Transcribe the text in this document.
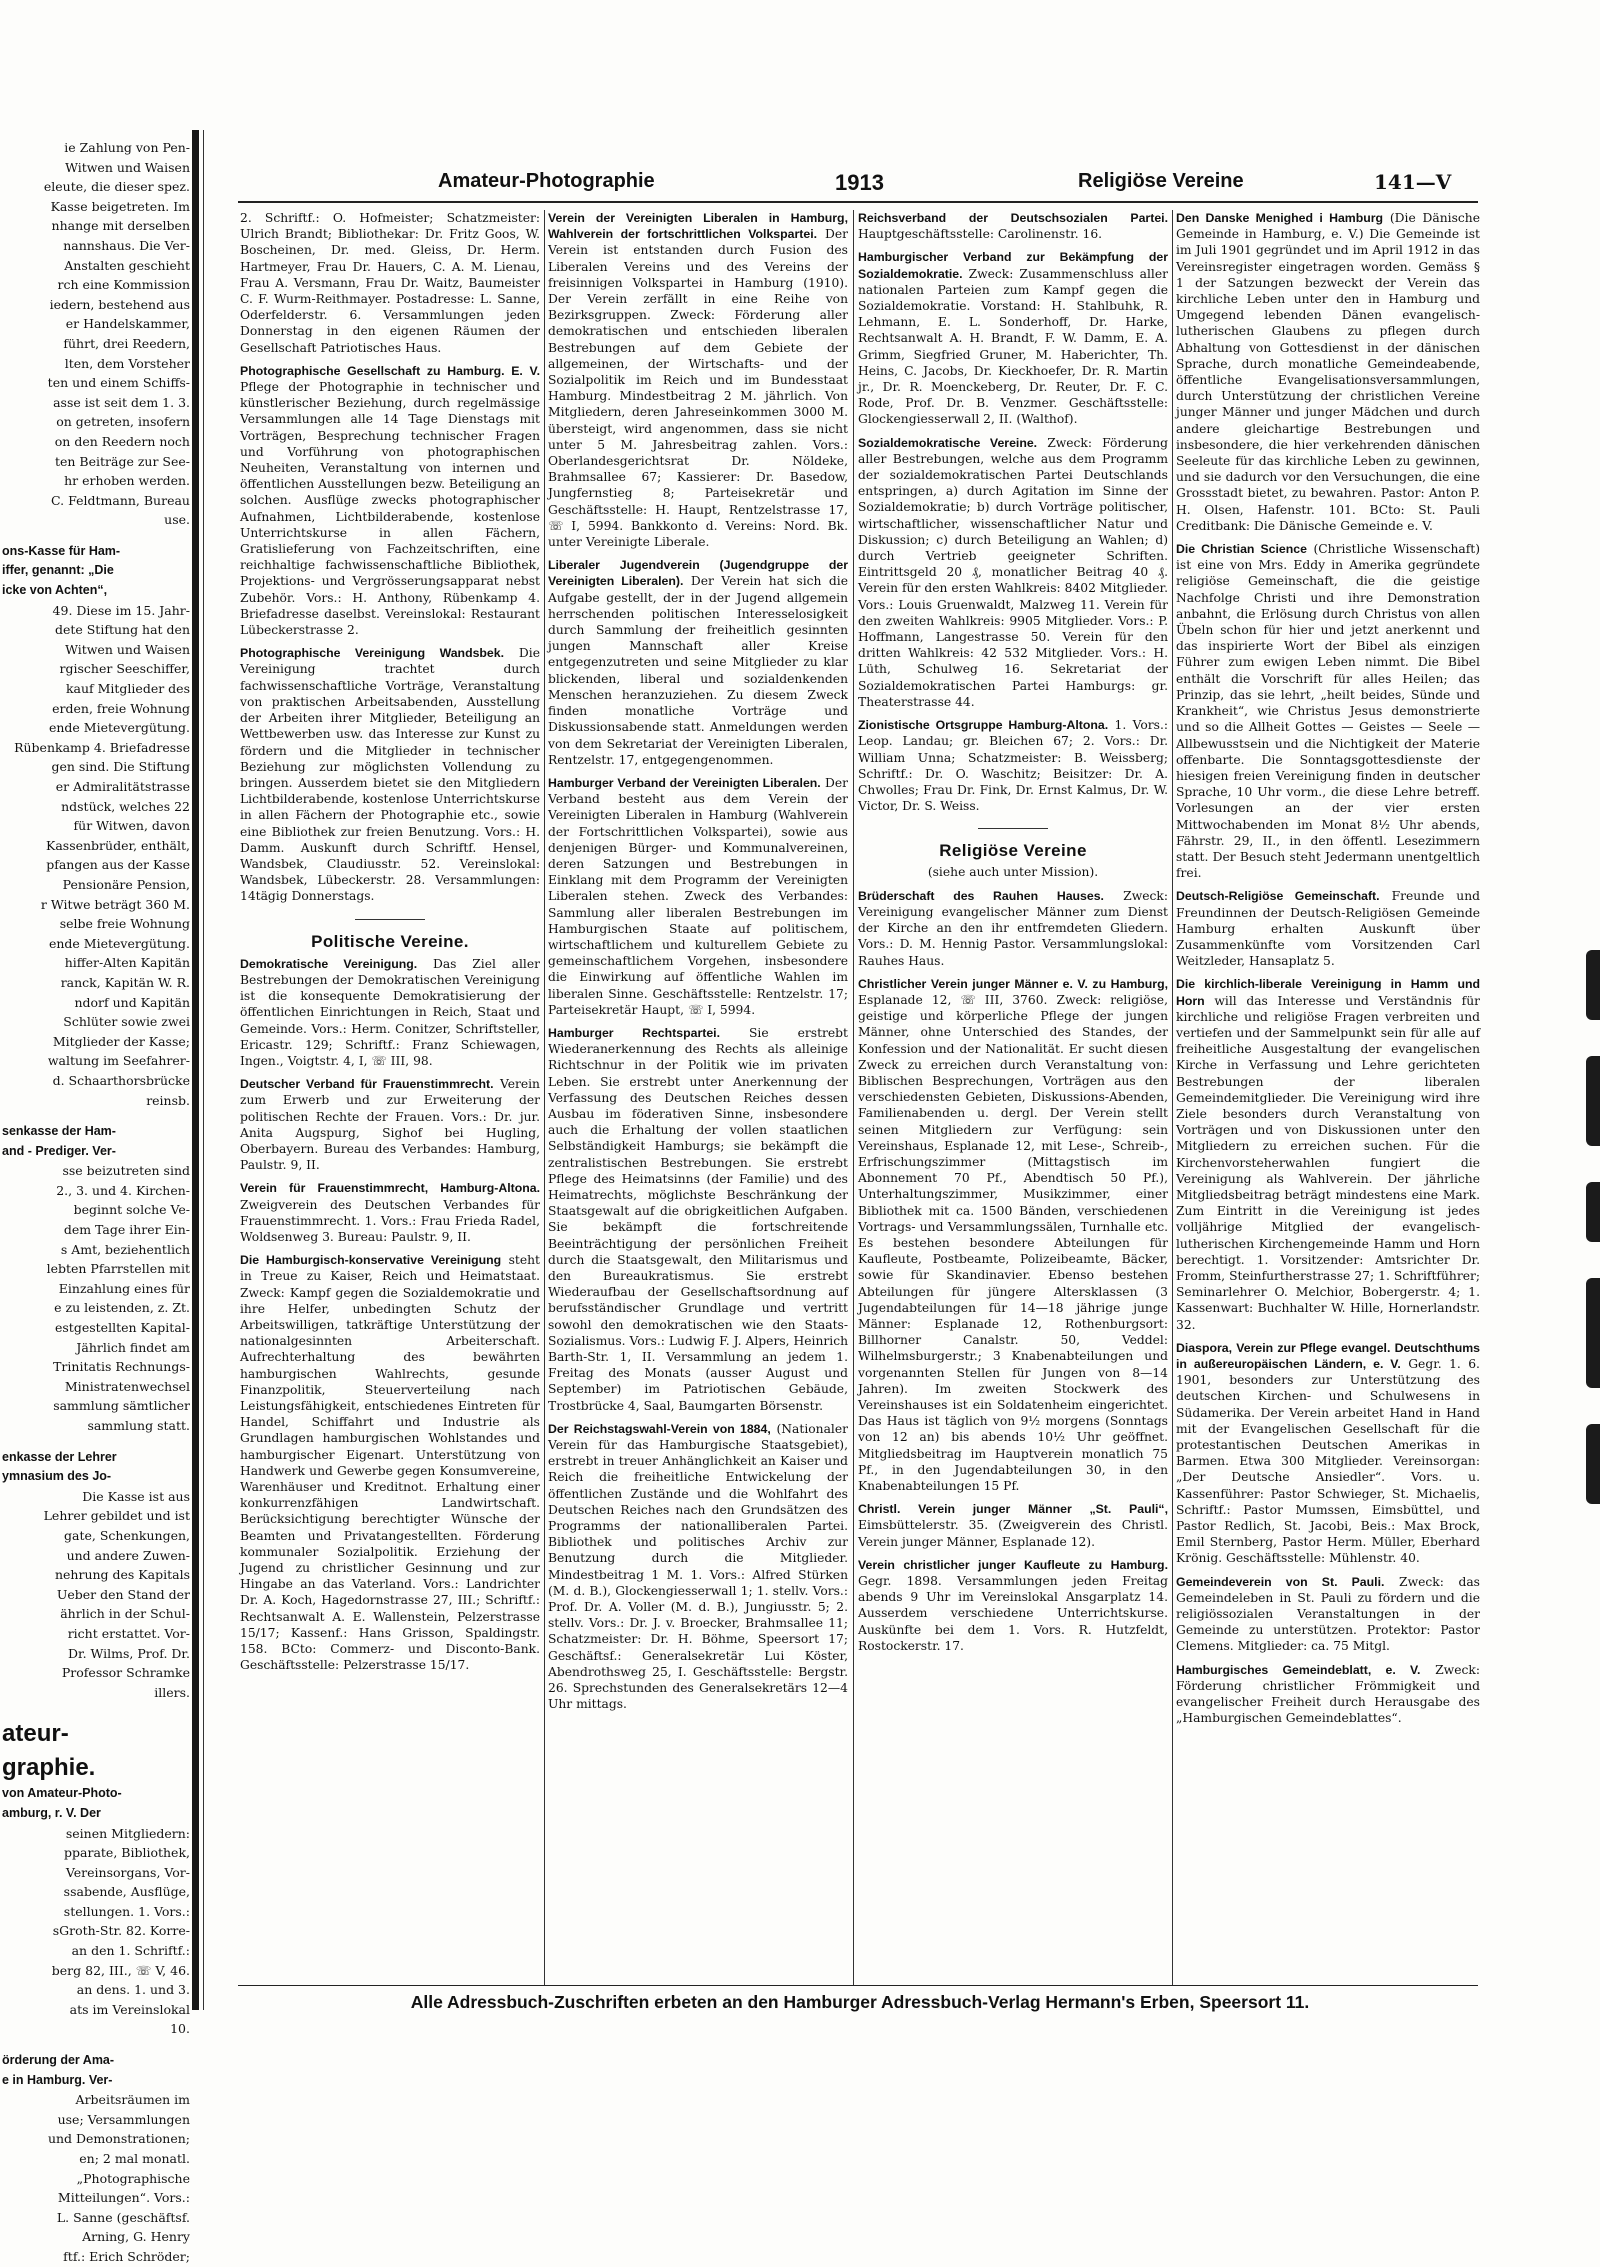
ie Zahlung von Pen-
Witwen und Waisen
eleute, die dieser spez.
Kasse beigetreten. Im
nhange mit derselben
nannshaus. Die Ver-
Anstalten geschieht
rch eine Kommission
iedern, bestehend aus
er Handelskammer,
führt, drei Reedern,
lten, dem Vorsteher
ten und einem Schiffs-
asse ist seit dem 1. 3.
on getreten, insofern
on den Reedern noch
ten Beiträge zur See-
hr erhoben werden.
C. Feldtmann, Bureau
use.
ons-Kasse für Ham-
iffer, genannt: „Die
icke von Achten“,
49. Diese im 15. Jahr-
dete Stiftung hat den
Witwen und Waisen
rgischer Seeschiffer,
kauf Mitglieder des
erden, freie Wohnung
ende Mietevergütung.
Rübenkamp 4. Briefadresse
gen sind. Die Stiftung
er Admiralitätstrasse
ndstück, welches 22
für Witwen, davon
Kassenbrüder, enthält,
pfangen aus der Kasse
Pensionäre Pension,
r Witwe beträgt 360 M.
selbe freie Wohnung
ende Mietevergütung.
hiffer-Alten Kapitän
ranck, Kapitän W. R.
ndorf und Kapitän
Schlüter sowie zwei
Mitglieder der Kasse;
waltung im Seefahrer-
d. Schaarthorsbrücke
reinsb.
senkasse der Ham-
and - Prediger. Ver-
sse beizutreten sind
2., 3. und 4. Kirchen-
beginnt solche Ve-
dem Tage ihrer Ein-
s Amt, beziehentlich
lebten Pfarrstellen mit
Einzahlung eines für
e zu leistenden, z. Zt.
estgestellten Kapital-
Jährlich findet am
Trinitatis Rechnungs-
Ministratenwechsel
sammlung sämtlicher
sammlung statt.
enkasse der Lehrer
ymnasium des Jo-
Die Kasse ist aus
Lehrer gebildet und ist
gate, Schenkungen,
und andere Zuwen-
nehrung des Kapitals
Ueber den Stand der
ährlich in der Schul-
richt erstattet. Vor-
Dr. Wilms, Prof. Dr.
Professor Schramke
illers.
ateur-
graphie.
von Amateur-Photo-
amburg, r. V. Der
seinen Mitgliedern:
pparate, Bibliothek,
Vereinsorgans, Vor-
ssabende, Ausflüge,
stellungen. 1. Vors.:
sGroth-Str. 82. Korre-
an den 1. Schriftf.:
berg 82, III., ☏ V, 46.
an dens. 1. und 3.
ats im Vereinslokal
10.
örderung der Ama-
e in Hamburg. Ver-
Arbeitsräumen im
use; Versammlungen
und Demonstrationen;
en; 2 mal monatl.
„Photographische
Mitteilungen“. Vors.:
L. Sanne (geschäftsf.
Arning, G. Henry
ftf.: Erich Schröder;
Amateur-Photographie	1913	Religiöse Vereine	141—V

2. Schriftf.: O. Hofmeister; Schatzmeister: Ulrich Brandt; Bibliothekar: Dr. Fritz Goos, W. Boscheinen, Dr. med. Gleiss, Dr. Herm. Hartmeyer, Frau Dr. Hauers, C. A. M. Lienau, Frau A. Versmann, Frau Dr. Waitz, Baumeister C. F. Wurm-Reithmayer. Postadresse: L. Sanne, Oderfelderstr. 6. Versammlungen jeden Donnerstag in den eigenen Räumen der Gesellschaft Patriotisches Haus.

Photographische Gesellschaft zu Hamburg. E. V. Pflege der Photographie in technischer und künstlerischer Beziehung, durch regelmässige Versammlungen alle 14 Tage Dienstags mit Vorträgen, Besprechung technischer Fragen und Vorführung von photographischen Neuheiten, Veranstaltung von internen und öffentlichen Ausstellungen bezw. Beteiligung an solchen. Ausflüge zwecks photographischer Aufnahmen, Lichtbilderabende, kostenlose Unterrichtskurse in allen Fächern, Gratislieferung von Fachzeitschriften, eine reichhaltige fachwissenschaftliche Bibliothek, Projektions- und Vergrösserungsapparat nebst Zubehör. Vors.: H. Anthony, Rübenkamp 4. Briefadresse daselbst. Vereinslokal: Restaurant Lübeckerstrasse 2.

Photographische Vereinigung Wandsbek. Die Vereinigung trachtet durch fachwissenschaftliche Vorträge, Veranstaltung von praktischen Arbeitsabenden, Ausstellung der Arbeiten ihrer Mitglieder, Beteiligung an Wettbewerben usw. das Interesse zur Kunst zu fördern und die Mitglieder in technischer Beziehung zur möglichsten Vollendung zu bringen. Ausserdem bietet sie den Mitgliedern Lichtbilderabende, kostenlose Unterrichtskurse in allen Fächern der Photographie etc., sowie eine Bibliothek zur freien Benutzung. Vors.: H. Damm. Auskunft durch Schriftf. Hensel, Wandsbek, Claudiusstr. 52. Vereinslokal: Wandsbek, Lübeckerstr. 28. Versammlungen: 14tägig Donnerstags.

Politische Vereine.

Demokratische Vereinigung. Das Ziel aller Bestrebungen der Demokratischen Vereinigung ist die konsequente Demokratisierung der öffentlichen Einrichtungen in Reich, Staat und Gemeinde. Vors.: Herm. Conitzer, Schriftsteller, Ericastr. 129; Schriftf.: Franz Schiewagen, Ingen., Voigtstr. 4, I, ☏ III, 98.

Deutscher Verband für Frauenstimmrecht. Verein zum Erwerb und zur Erweiterung der politischen Rechte der Frauen. Vors.: Dr. jur. Anita Augspurg, Sighof bei Hugling, Oberbayern. Bureau des Verbandes: Hamburg, Paulstr. 9, II.

Verein für Frauenstimmrecht, Hamburg-Altona. Zweigverein des Deutschen Verbandes für Frauenstimmrecht. 1. Vors.: Frau Frieda Radel, Woldsenweg 3. Bureau: Paulstr. 9, II.

Die Hamburgisch-konservative Vereinigung steht in Treue zu Kaiser, Reich und Heimatstaat. Zweck: Kampf gegen die Sozialdemokratie und ihre Helfer, unbedingten Schutz der Arbeitswilligen, tatkräftige Unterstützung der nationalgesinnten Arbeiterschaft. Aufrechterhaltung des bewährten hamburgischen Wahlrechts, gesunde Finanzpolitik, Steuerverteilung nach Leistungsfähigkeit, entschiedenes Eintreten für Handel, Schiffahrt und Industrie als Grundlagen hamburgischen Wohlstandes und hamburgischer Eigenart. Unterstützung von Handwerk und Gewerbe gegen Konsumvereine, Warenhäuser und Kreditnot. Erhaltung einer konkurrenzfähigen Landwirtschaft. Berücksichtigung berechtigter Wünsche der Beamten und Privatangestellten. Förderung kommunaler Sozialpolitik. Erziehung der Jugend zu christlicher Gesinnung und zur Hingabe an das Vaterland. Vors.: Landrichter Dr. A. Koch, Hagedornstrasse 27, III.; Schriftf.: Rechtsanwalt A. E. Wallenstein, Pelzerstrasse 15/17; Kassenf.: Hans Grisson, Spaldingstr. 158. BCto: Commerz- und Disconto-Bank. Geschäftsstelle: Pelzerstrasse 15/17.

Verein der Vereinigten Liberalen in Hamburg, Wahlverein der fortschrittlichen Volkspartei. Der Verein ist entstanden durch Fusion des Liberalen Vereins und des Vereins der freisinnigen Volkspartei in Hamburg (1910). Der Verein zerfällt in eine Reihe von Bezirksgruppen. Zweck: Förderung aller demokratischen und entschieden liberalen Bestrebungen auf dem Gebiete der allgemeinen, der Wirtschafts- und der Sozialpolitik im Reich und im Bundesstaat Hamburg. Mindestbeitrag 2 M. jährlich. Von Mitgliedern, deren Jahreseinkommen 3000 M. übersteigt, wird angenommen, dass sie nicht unter 5 M. Jahresbeitrag zahlen. Vors.: Oberlandesgerichtsrat Dr. Nöldeke, Brahmsallee 67; Kassierer: Dr. Basedow, Jungfernstieg 8; Parteisekretär und Geschäftsstelle: H. Haupt, Rentzelstrasse 17, ☏ I, 5994. Bankkonto d. Vereins: Nord. Bk. unter Vereinigte Liberale.

Liberaler Jugendverein (Jugendgruppe der Vereinigten Liberalen). Der Verein hat sich die Aufgabe gestellt, der in der Jugend allgemein herrschenden politischen Interesselosigkeit durch Sammlung der freiheitlich gesinnten jungen Mannschaft aller Kreise entgegenzutreten und seine Mitglieder zu klar blickenden, liberal und sozialdenkenden Menschen heranzuziehen. Zu diesem Zweck finden monatliche Vorträge und Diskussionsabende statt. Anmeldungen werden von dem Sekretariat der Vereinigten Liberalen, Rentzelstr. 17, entgegengenommen.

Hamburger Verband der Vereinigten Liberalen. Der Verband besteht aus dem Verein der Vereinigten Liberalen in Hamburg (Wahlverein der Fortschrittlichen Volkspartei), sowie aus denjenigen Bürger- und Kommunalvereinen, deren Satzungen und Bestrebungen in Einklang mit dem Programm der Vereinigten Liberalen stehen. Zweck des Verbandes: Sammlung aller liberalen Bestrebungen im Hamburgischen Staate auf politischem, wirtschaftlichem und kulturellem Gebiete zu gemeinschaftlichem Vorgehen, insbesondere die Einwirkung auf öffentliche Wahlen im liberalen Sinne. Geschäftsstelle: Rentzelstr. 17; Parteisekretär Haupt, ☏ I, 5994.

Hamburger Rechtspartei. Sie erstrebt Wiederanerkennung des Rechts als alleinige Richtschnur in der Politik wie im privaten Leben. Sie erstrebt unter Anerkennung der Verfassung des Deutschen Reiches dessen Ausbau im föderativen Sinne, insbesondere auch die Erhaltung der vollen staatlichen Selbständigkeit Hamburgs; sie bekämpft die zentralistischen Bestrebungen. Sie erstrebt Pflege des Heimatsinns (der Familie) und des Heimatrechts, möglichste Beschränkung der Staatsgewalt auf die obrigkeitlichen Aufgaben. Sie bekämpft die fortschreitende Beeinträchtigung der persönlichen Freiheit durch die Staatsgewalt, den Militarismus und den Bureaukratismus. Sie erstrebt Wiederaufbau der Gesellschaftsordnung auf berufsständischer Grundlage und vertritt sowohl den demokratischen wie den Staats-Sozialismus. Vors.: Ludwig F. J. Alpers, Heinrich Barth-Str. 1, II. Versammlung an jedem 1. Freitag des Monats (ausser August und September) im Patriotischen Gebäude, Trostbrücke 4, Saal, Baumgarten Börsenstr.

Der Reichstagswahl-Verein von 1884, (Nationaler Verein für das Hamburgische Staatsgebiet), erstrebt in treuer Anhänglichkeit an Kaiser und Reich die freiheitliche Entwickelung der öffentlichen Zustände und die Wohlfahrt des Deutschen Reiches nach den Grundsätzen des Programms der nationalliberalen Partei. Bibliothek und politisches Archiv zur Benutzung durch die Mitglieder. Mindestbeitrag 1 M. 1. Vors.: Alfred Stürken (M. d. B.), Glockengiesserwall 1; 1. stellv. Vors.: Prof. Dr. A. Voller (M. d. B.), Jungiusstr. 5; 2. stellv. Vors.: Dr. J. v. Broecker, Brahmsallee 11; Schatzmeister: Dr. H. Böhme, Speersort 17; Geschäftsf.: Generalsekretär Lui Köster, Abendrothsweg 25, I. Geschäftsstelle: Bergstr. 26. Sprechstunden des Generalsekretärs 12—4 Uhr mittags.

Reichsverband der Deutschsozialen Partei. Hauptgeschäftsstelle: Carolinenstr. 16.

Hamburgischer Verband zur Bekämpfung der Sozialdemokratie. Zweck: Zusammenschluss aller nationalen Parteien zum Kampf gegen die Sozialdemokratie. Vorstand: H. Stahlbuhk, R. Lehmann, E. L. Sonderhoff, Dr. Harke, Rechtsanwalt A. H. Brandt, F. W. Damm, E. A. Grimm, Siegfried Gruner, M. Haberichter, Th. Heins, C. Jacobs, Dr. Kieckhoefer, Dr. R. Martin jr., Dr. R. Moenckeberg, Dr. Reuter, Dr. F. C. Rode, Prof. Dr. B. Venzmer. Geschäftsstelle: Glockengiesserwall 2, II. (Walthof).

Sozialdemokratische Vereine. Zweck: Förderung aller Bestrebungen, welche aus dem Programm der sozialdemokratischen Partei Deutschlands entspringen, a) durch Agitation im Sinne der Sozialdemokratie; b) durch Vorträge politischer, wirtschaftlicher, wissenschaftlicher Natur und Diskussion; c) durch Beteiligung an Wahlen; d) durch Vertrieb geeigneter Schriften. Eintrittsgeld 20 ₰, monatlicher Beitrag 40 ₰. Verein für den ersten Wahlkreis: 8402 Mitglieder. Vors.: Louis Gruenwaldt, Malzweg 11. Verein für den zweiten Wahlkreis: 9905 Mitglieder. Vors.: P. Hoffmann, Langestrasse 50. Verein für den dritten Wahlkreis: 42 532 Mitglieder. Vors.: H. Lüth, Schulweg 16. Sekretariat der Sozialdemokratischen Partei Hamburgs: gr. Theaterstrasse 44.

Zionistische Ortsgruppe Hamburg-Altona. 1. Vors.: Leop. Landau; gr. Bleichen 67; 2. Vors.: Dr. William Unna; Schatzmeister: B. Weissberg; Schriftf.: Dr. O. Waschitz; Beisitzer: Dr. A. Chwolles; Frau Dr. Fink, Dr. Ernst Kalmus, Dr. W. Victor, Dr. S. Weiss.

Religiöse Vereine
(siehe auch unter Mission).

Brüderschaft des Rauhen Hauses. Zweck: Vereinigung evangelischer Männer zum Dienst der Kirche an den ihr entfremdeten Gliedern. Vors.: D. M. Hennig Pastor. Versammlungslokal: Rauhes Haus.

Christlicher Verein junger Männer e. V. zu Hamburg, Esplanade 12, ☏ III, 3760. Zweck: religiöse, geistige und körperliche Pflege der jungen Männer, ohne Unterschied des Standes, der Konfession und der Nationalität. Er sucht diesen Zweck zu erreichen durch Veranstaltung von: Biblischen Besprechungen, Vorträgen aus den verschiedensten Gebieten, Diskussions-Abenden, Familienabenden u. dergl. Der Verein stellt seinen Mitgliedern zur Verfügung: sein Vereinshaus, Esplanade 12, mit Lese-, Schreib-, Erfrischungszimmer (Mittagstisch im Abonnement 70 Pf., Abendtisch 50 Pf.), Unterhaltungszimmer, Musikzimmer, einer Bibliothek mit ca. 1500 Bänden, verschiedenen Vortrags- und Versammlungssälen, Turnhalle etc. Es bestehen besondere Abteilungen für Kaufleute, Postbeamte, Polizeibeamte, Bäcker, sowie für Skandinavier. Ebenso bestehen Abteilungen für jüngere Altersklassen (3 Jugendabteilungen für 14—18 jährige junge Männer: Esplanade 12, Rothenburgsort: Billhorner Canalstr. 50, Veddel: Wilhelmsburgerstr.; 3 Knabenabteilungen und vorgenannten Stellen für Jungen von 8—14 Jahren). Im zweiten Stockwerk des Vereinshauses ist ein Soldatenheim eingerichtet. Das Haus ist täglich von 9½ morgens (Sonntags von 12 an) bis abends 10½ Uhr geöffnet. Mitgliedsbeitrag im Hauptverein monatlich 75 Pf., in den Jugendabteilungen 30, in den Knabenabteilungen 15 Pf.

Christl. Verein junger Männer „St. Pauli“, Eimsbüttelerstr. 35. (Zweigverein des Christl. Verein junger Männer, Esplanade 12).

Verein christlicher junger Kaufleute zu Hamburg. Gegr. 1898. Versammlungen jeden Freitag abends 9 Uhr im Vereinslokal Ansgarplatz 14. Ausserdem verschiedene Unterrichtskurse. Auskünfte bei dem 1. Vors. R. Hutzfeldt, Rostockerstr. 17.

Den Danske Menighed i Hamburg (Die Dänische Gemeinde in Hamburg, e. V.) Die Gemeinde ist im Juli 1901 gegründet und im April 1912 in das Vereinsregister eingetragen worden. Gemäss § 1 der Satzungen bezweckt der Verein das kirchliche Leben unter den in Hamburg und Umgegend lebenden Dänen evangelisch-lutherischen Glaubens zu pflegen durch Abhaltung von Gottesdienst in der dänischen Sprache, durch monatliche Gemeindeabende, öffentliche Evangelisationsversammlungen, durch Unterstützung der christlichen Vereine junger Männer und junger Mädchen und durch andere gleichartige Bestrebungen und insbesondere, die hier verkehrenden dänischen Seeleute für das kirchliche Leben zu gewinnen, und sie dadurch vor den Versuchungen, die eine Grossstadt bietet, zu bewahren. Pastor: Anton P. H. Olsen, Hafenstr. 101. BCto: St. Pauli Creditbank: Die Dänische Gemeinde e. V.

Die Christian Science (Christliche Wissenschaft) ist eine von Mrs. Eddy in Amerika gegründete religiöse Gemeinschaft, die die geistige Nachfolge Christi und ihre Demonstration anbahnt, die Erlösung durch Christus von allen Übeln schon für hier und jetzt anerkennt und das inspirierte Wort der Bibel als einzigen Führer zum ewigen Leben nimmt. Die Bibel enthält die Vorschrift für alles Heilen; das Prinzip, das sie lehrt, „heilt beides, Sünde und Krankheit“, wie Christus Jesus demonstrierte und so die Allheit Gottes — Geistes — Seele — Allbewusstsein und die Nichtigkeit der Materie offenbarte. Die Sonntagsgottesdienste der hiesigen freien Vereinigung finden in deutscher Sprache, 10 Uhr vorm., die diese Lehre betreff. Vorlesungen an der vier ersten Mittwochabenden im Monat 8½ Uhr abends, Fährstr. 29, II., in den öffentl. Lesezimmern statt. Der Besuch steht Jedermann unentgeltlich frei.

Deutsch-Religiöse Gemeinschaft. Freunde und Freundinnen der Deutsch-Religiösen Gemeinde Hamburg erhalten Auskunft über Zusammenkünfte vom Vorsitzenden Carl Weitzleder, Hansaplatz 5.

Die kirchlich-liberale Vereinigung in Hamm und Horn will das Interesse und Verständnis für kirchliche und religiöse Fragen verbreiten und vertiefen und der Sammelpunkt sein für alle auf freiheitliche Ausgestaltung der evangelischen Kirche in Verfassung und Lehre gerichteten Bestrebungen der liberalen Gemeindemitglieder. Die Vereinigung wird ihre Ziele besonders durch Veranstaltung von Vorträgen und von Diskussionen unter den Mitgliedern zu erreichen suchen. Für die Kirchenvorsteherwahlen fungiert die Vereinigung als Wahlverein. Der jährliche Mitgliedsbeitrag beträgt mindestens eine Mark. Zum Eintritt in die Vereinigung ist jedes volljährige Mitglied der evangelisch-lutherischen Kirchengemeinde Hamm und Horn berechtigt. 1. Vorsitzender: Amtsrichter Dr. Fromm, Steinfurtherstrasse 27; 1. Schriftführer; Seminarlehrer O. Melchior, Bobergerstr. 4; 1. Kassenwart: Buchhalter W. Hille, Hornerlandstr. 32.

Diaspora, Verein zur Pflege evangel. Deutschthums in außereuropäischen Ländern, e. V. Gegr. 1. 6. 1901, besonders zur Unterstützung des deutschen Kirchen- und Schulwesens in Südamerika. Der Verein arbeitet Hand in Hand mit der Evangelischen Gesellschaft für die protestantischen Deutschen Amerikas in Barmen. Etwa 300 Mitglieder. Vereinsorgan: „Der Deutsche Ansiedler“. Vors. u. Kassenführer: Pastor Schwieger, St. Michaelis, Schriftf.: Pastor Mumssen, Eimsbüttel, und Pastor Redlich, St. Jacobi, Beis.: Max Brock, Emil Sternberg, Pastor Herm. Müller, Eberhard Krönig. Geschäftsstelle: Mühlenstr. 40.

Gemeindeverein von St. Pauli. Zweck: das Gemeindeleben in St. Pauli zu fördern und die religiössozialen Veranstaltungen in der Gemeinde zu unterstützen. Protektor: Pastor Clemens. Mitglieder: ca. 75 Mitgl.

Hamburgisches Gemeindeblatt, e. V. Zweck: Förderung christlicher Frömmigkeit und evangelischer Freiheit durch Herausgabe des „Hamburgischen Gemeindeblattes“.

Alle Adressbuch-Zuschriften erbeten an den Hamburger Adressbuch-Verlag Hermann's Erben, Speersort 11.
